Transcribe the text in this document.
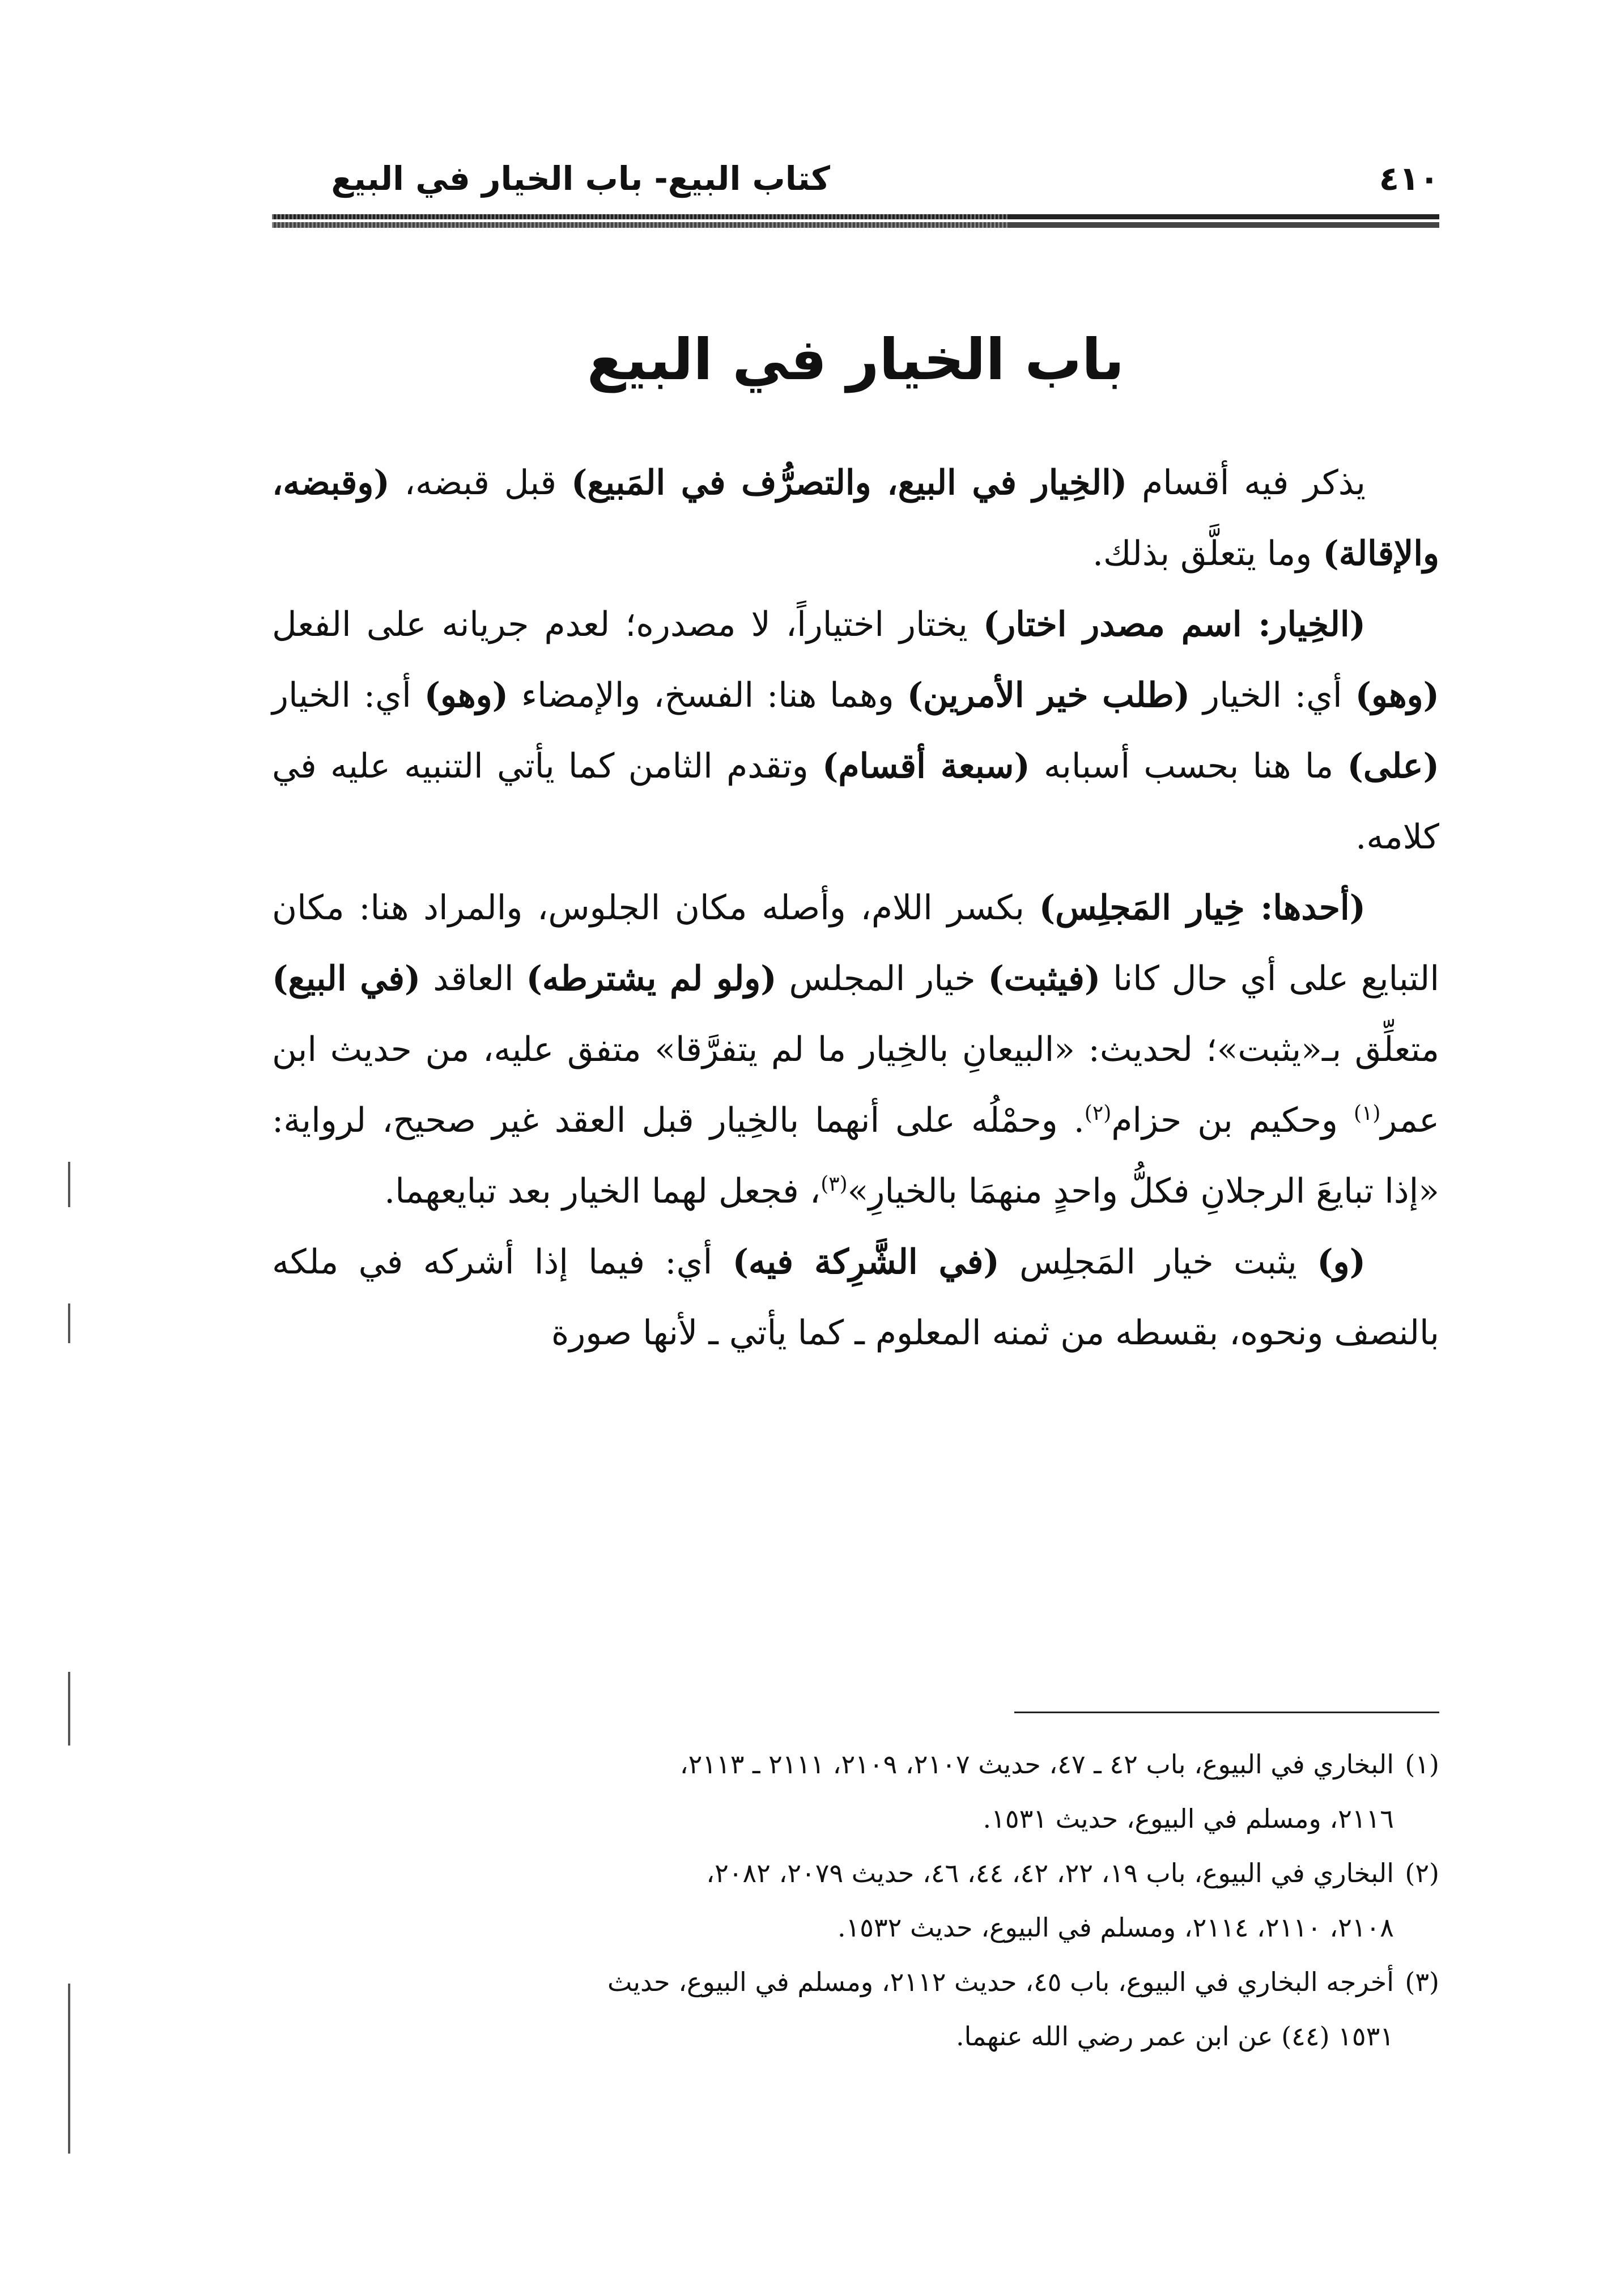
كتاب البيع- باب الخيار في البيع	٤١٠
باب الخيار في البيع

يذكر فيه أقسام (الخِيار في البيع، والتصرُّف في المَبيع) قبل قبضه، (وقبضه، والإقالة) وما يتعلَّق بذلك.

(الخِيار: اسم مصدر اختار) يختار اختياراً، لا مصدره؛ لعدم جريانه على الفعل (وهو) أي: الخيار (طلب خير الأمرين) وهما هنا: الفسخ، والإمضاء (وهو) أي: الخيار (على) ما هنا بحسب أسبابه (سبعة أقسام) وتقدم الثامن كما يأتي التنبيه عليه في كلامه.

(أحدها: خِيار المَجلِس) بكسر اللام، وأصله مكان الجلوس، والمراد هنا: مكان التبايع على أي حال كانا (فيثبت) خيار المجلس (ولو لم يشترطه) العاقد (في البيع) متعلِّق بـ«يثبت»؛ لحديث: «البيعانِ بالخِيار ما لم يتفرَّقا» متفق عليه، من حديث ابن عمر$^{(١)}$ وحكيم بن حزام$^{(٢)}$. وحمْلُه على أنهما بالخِيار قبل العقد غير صحيح، لرواية: «إذا تبايعَ الرجلانِ فكلُّ واحدٍ منهمَا بالخيارِ»$^{(٣)}$، فجعل لهما الخيار بعد تبايعهما.

(و) يثبت خيار المَجلِس (في الشَّرِكة فيه) أي: فيما إذا أشركه في ملكه بالنصف ونحوه، بقسطه من ثمنه المعلوم ـ كما يأتي ـ لأنها صورة

(١)البخاري في البيوع، باب ٤٢ ـ ٤٧، حديث ٢١٠٧، ٢١٠٩، ٢١١١ ـ ٢١١٣،
٢١١٦، ومسلم في البيوع، حديث ١٥٣١.
(٢)البخاري في البيوع، باب ١٩، ٢٢، ٤٢، ٤٤، ٤٦، حديث ٢٠٧٩، ٢٠٨٢،
٢١٠٨، ٢١١٠، ٢١١٤، ومسلم في البيوع، حديث ١٥٣٢.
(٣)أخرجه البخاري في البيوع، باب ٤٥، حديث ٢١١٢، ومسلم في البيوع، حديث
١٥٣١ (٤٤) عن ابن عمر رضي الله عنهما.
